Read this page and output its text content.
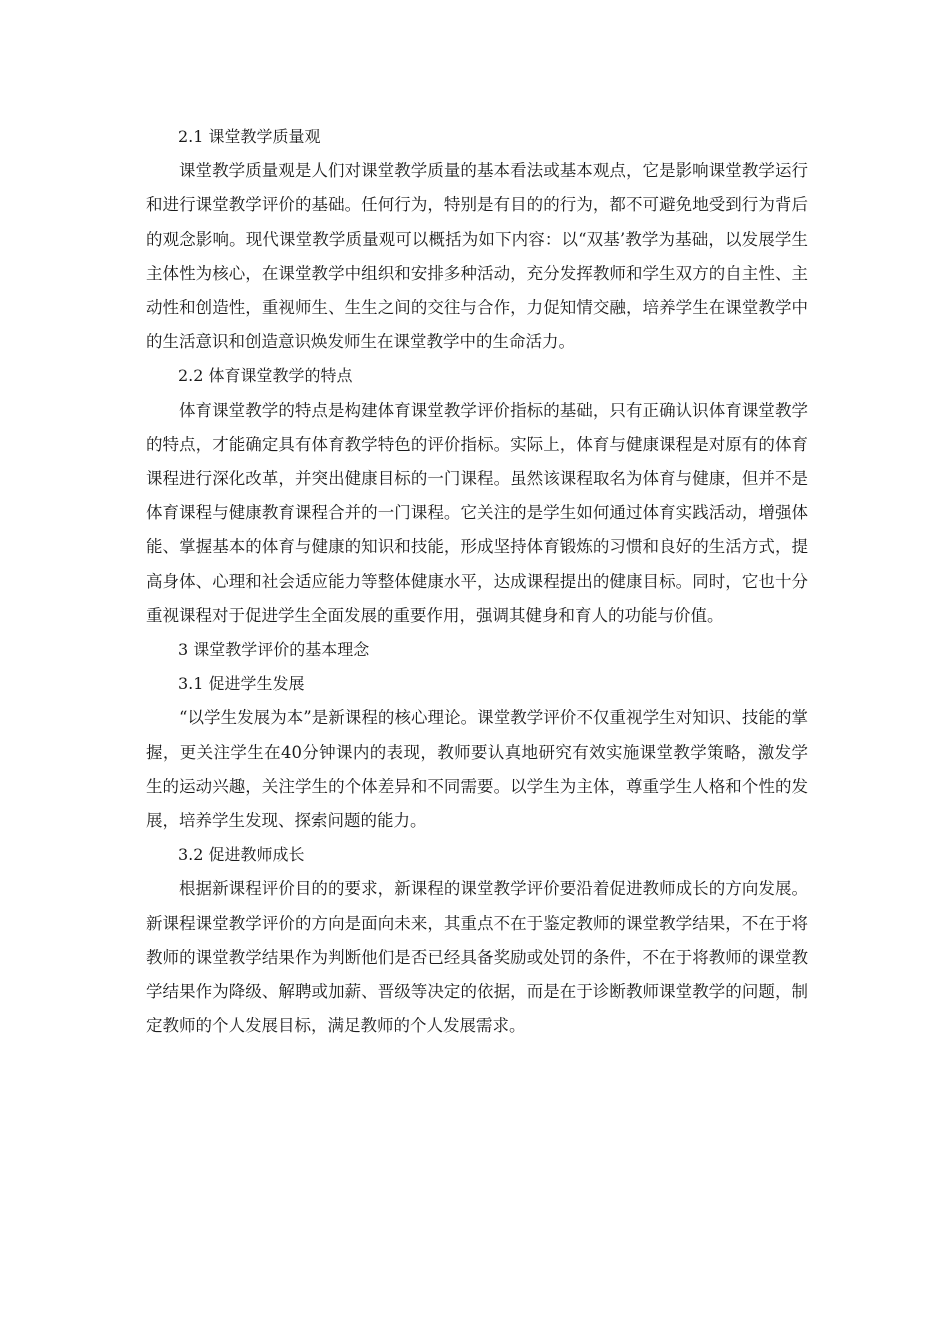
2.1 课堂教学质量观

课堂教学质量观是人们对课堂教学质量的基本看法或基本观点，它是影响课堂教学运行和进行课堂教学评价的基础。任何行为，特别是有目的的行为，都不可避免地受到行为背后的观念影响。现代课堂教学质量观可以概括为如下内容：以“双基’教学为基础，以发展学生主体性为核心，在课堂教学中组织和安排多种活动，充分发挥教师和学生双方的自主性、主动性和创造性，重视师生、生生之间的交往与合作，力促知情交融，培养学生在课堂教学中的生活意识和创造意识焕发师生在课堂教学中的生命活力。

2.2 体育课堂教学的特点

体育课堂教学的特点是构建体育课堂教学评价指标的基础，只有正确认识体育课堂教学的特点，才能确定具有体育教学特色的评价指标。实际上，体育与健康课程是对原有的体育课程进行深化改革，并突出健康目标的一门课程。虽然该课程取名为体育与健康，但并不是体育课程与健康教育课程合并的一门课程。它关注的是学生如何通过体育实践活动，增强体能、掌握基本的体育与健康的知识和技能，形成坚持体育锻炼的习惯和良好的生活方式，提高身体、心理和社会适应能力等整体健康水平，达成课程提出的健康目标。同时，它也十分重视课程对于促进学生全面发展的重要作用，强调其健身和育人的功能与价值。

3 课堂教学评价的基本理念

3.1 促进学生发展

“以学生发展为本”是新课程的核心理论。课堂教学评价不仅重视学生对知识、技能的掌握，更关注学生在40分钟课内的表现，教师要认真地研究有效实施课堂教学策略，激发学生的运动兴趣，关注学生的个体差异和不同需要。以学生为主体，尊重学生人格和个性的发展，培养学生发现、探索问题的能力。

3.2 促进教师成长

根据新课程评价目的的要求，新课程的课堂教学评价要沿着促进教师成长的方向发展。新课程课堂教学评价的方向是面向未来，其重点不在于鉴定教师的课堂教学结果，不在于将教师的课堂教学结果作为判断他们是否已经具备奖励或处罚的条件，不在于将教师的课堂教学结果作为降级、解聘或加薪、晋级等决定的依据，而是在于诊断教师课堂教学的问题，制定教师的个人发展目标，满足教师的个人发展需求。
